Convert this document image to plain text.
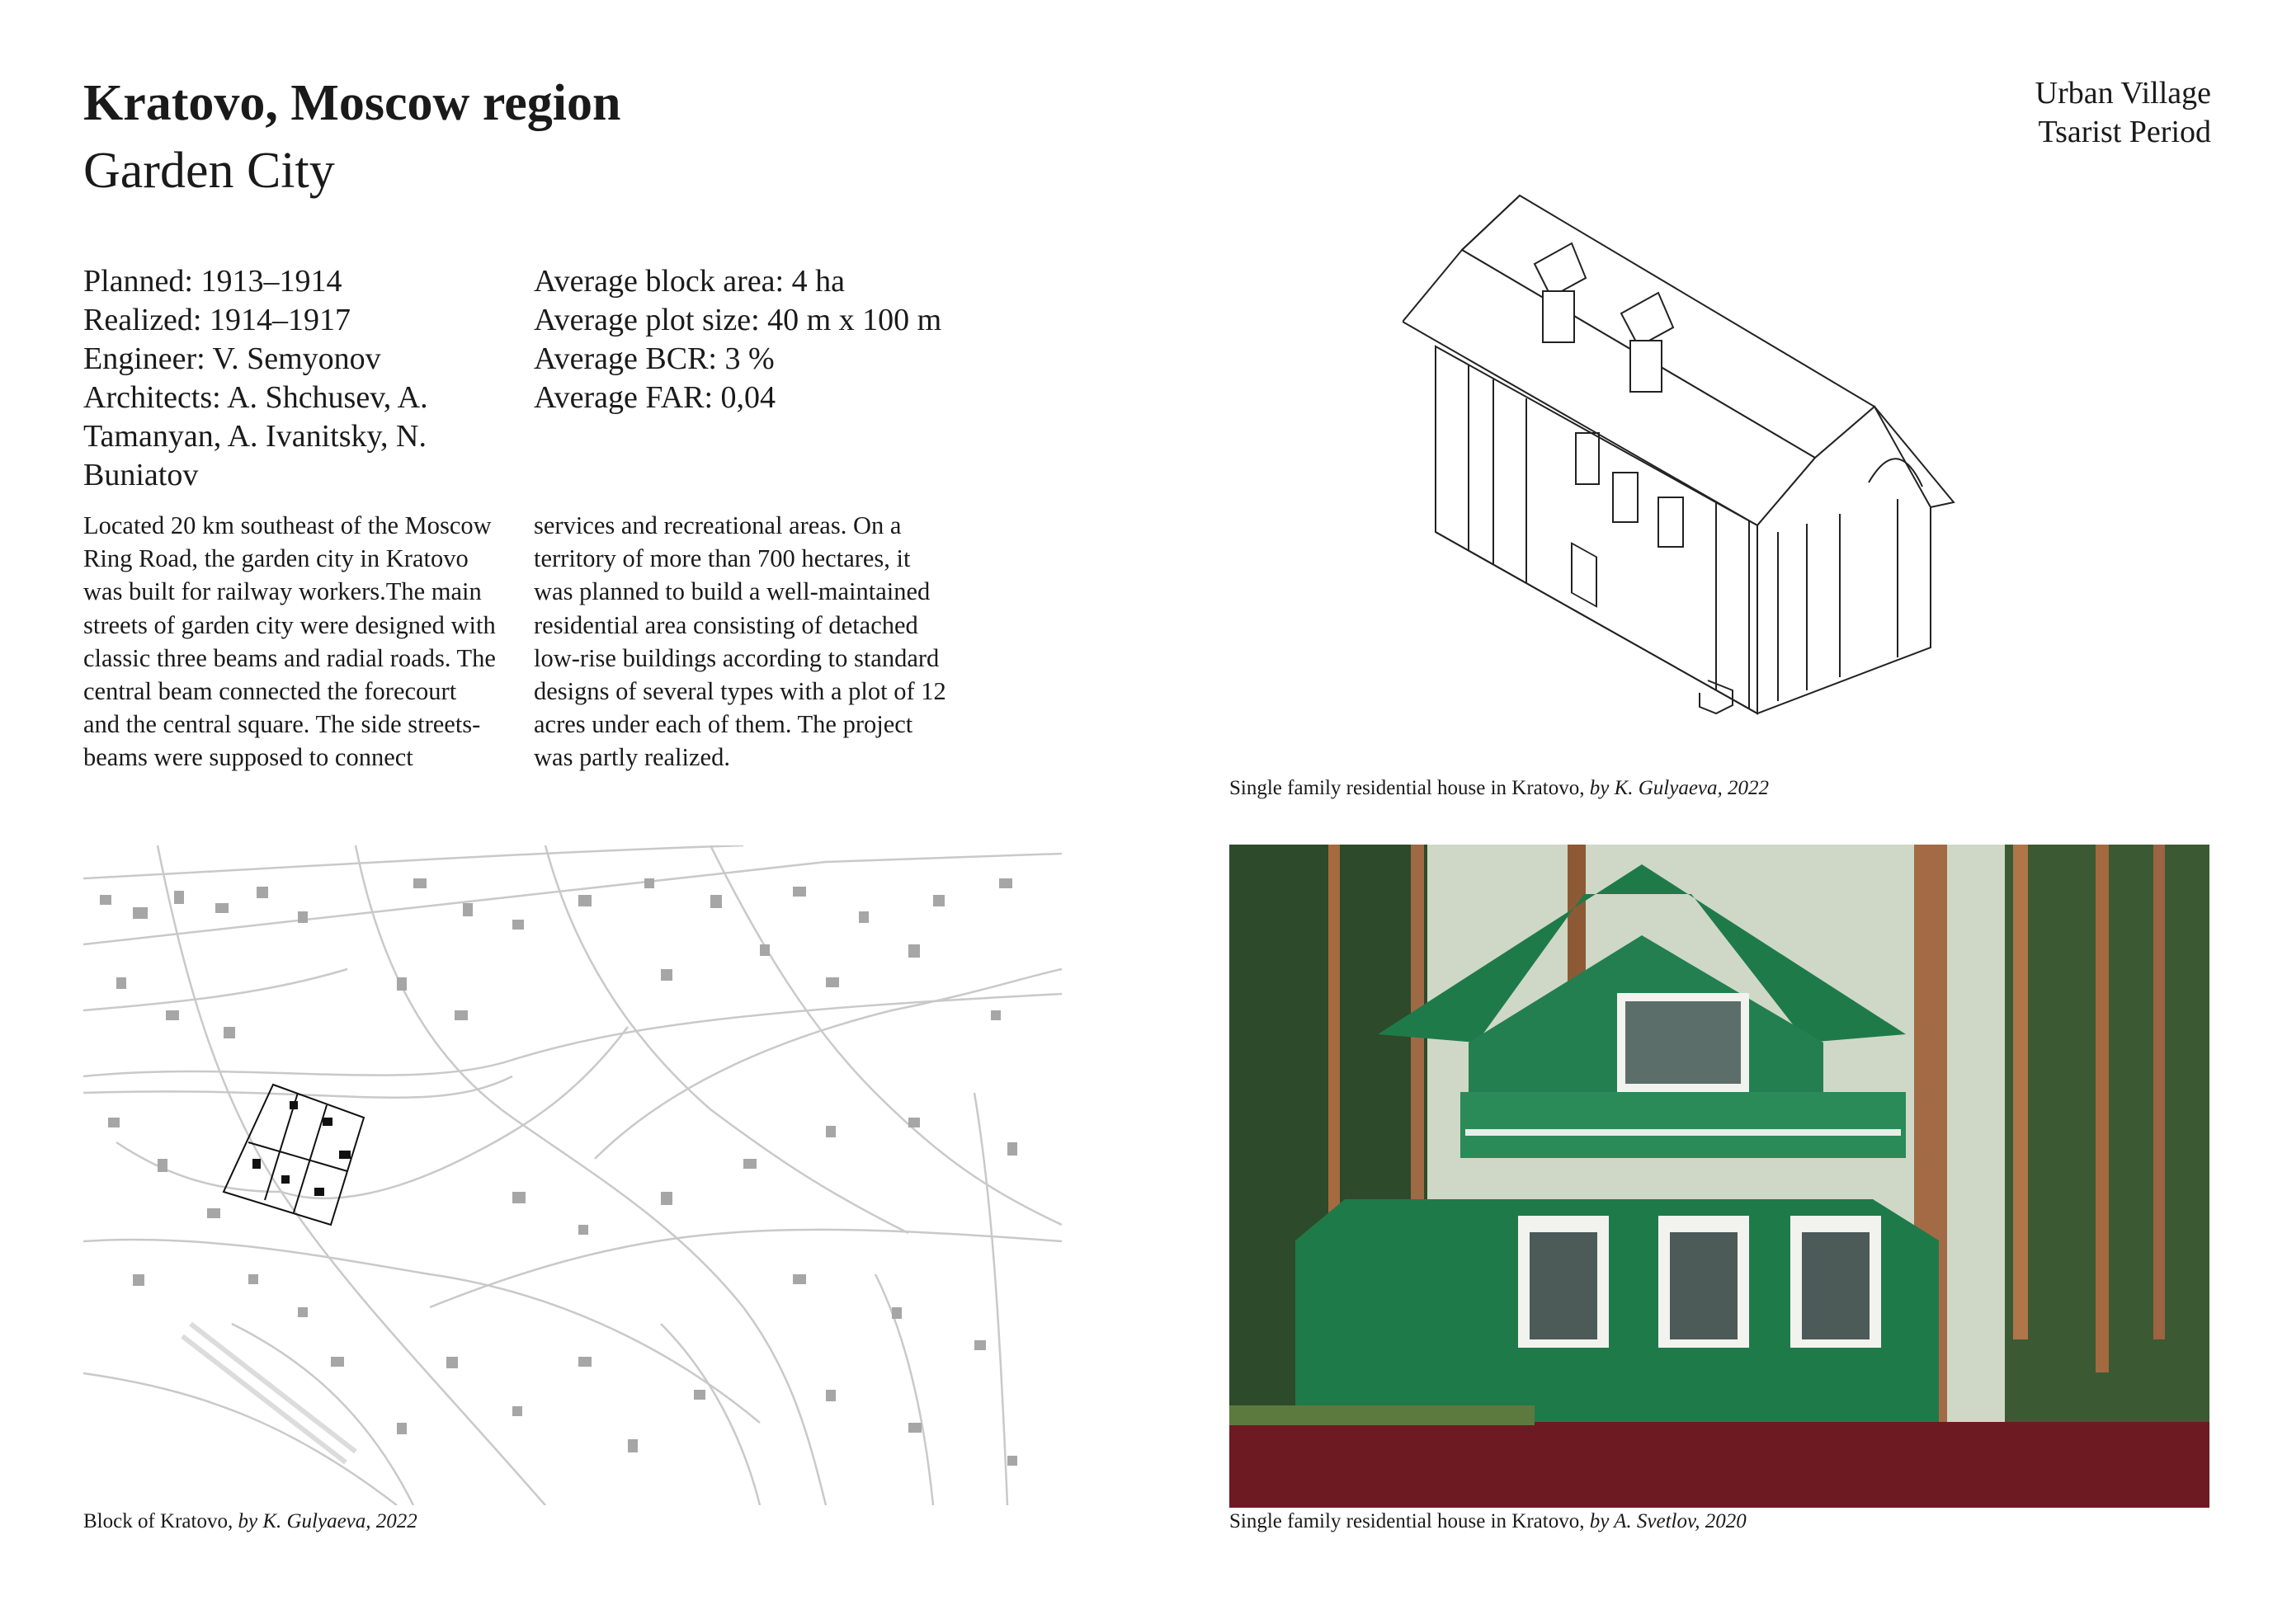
Kratovo, Moscow region
Garden City
Urban Village
Tsarist Period
Planned: 1913–1914
Realized: 1914–1917
Engineer: V. Semyonov
Architects: A. Shchusev, A. Tamanyan, A. Ivanitsky, N. Buniatov
Average block area: 4 ha
Average plot size: 40 m x 100 m
Average BCR: 3 %
Average FAR: 0,04

Located 20 km southeast of the Moscow Ring Road, the garden city in Kratovo was built for railway workers.The main streets of garden city were designed with classic three beams and radial roads. The central beam connected the forecourt and the central square. The side streets-beams were supposed to connect

services and recreational areas. On a territory of more than 700 hectares, it was planned to build a well-maintained residential area consisting of detached low-rise buildings according to standard designs of several types with a plot of 12 acres under each of them. The project was partly realized.

Single family residential house in Kratovo, by K. Gulyaeva, 2022
Block of Kratovo, by K. Gulyaeva, 2022	Single family residential house in Kratovo, by A. Svetlov, 2020
